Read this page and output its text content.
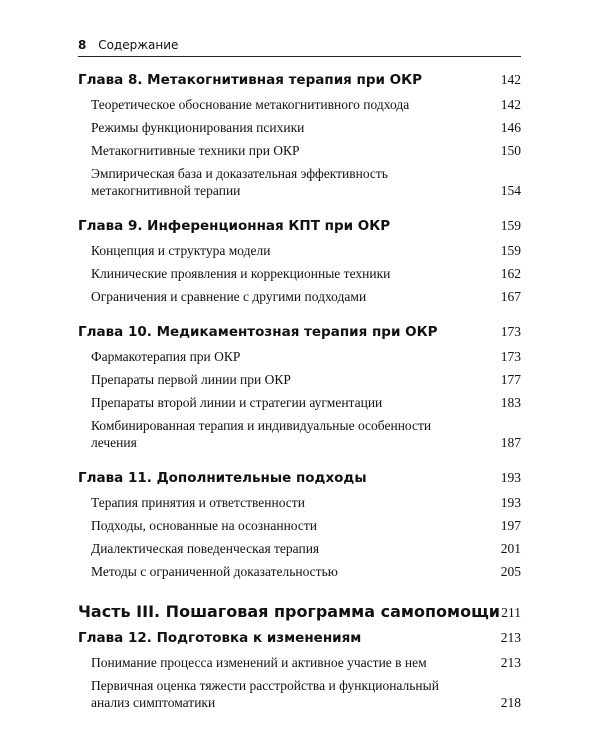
8 Содержание
Глава 8. Метакогнитивная терапия при ОКР	142
Теоретическое обоснование метакогнитивного подхода	142
Режимы функционирования психики	146
Метакогнитивные техники при ОКР	150
Эмпирическая база и доказательная эффективность метакогнитивной терапии	154
Глава 9. Инференционная КПТ при ОКР	159
Концепция и структура модели	159
Клинические проявления и коррекционные техники	162
Ограничения и сравнение с другими подходами	167
Глава 10. Медикаментозная терапия при ОКР	173
Фармакотерапия при ОКР	173
Препараты первой линии при ОКР	177
Препараты второй линии и стратегии аугментации	183
Комбинированная терапия и индивидуальные особенности лечения	187
Глава 11. Дополнительные подходы	193
Терапия принятия и ответственности	193
Подходы, основанные на осознанности	197
Диалектическая поведенческая терапия	201
Методы с ограниченной доказательностью	205
Часть III. Пошаговая программа самопомощи 211
Глава 12. Подготовка к изменениям	213
Понимание процесса изменений и активное участие в нем	213
Первичная оценка тяжести расстройства и функциональный анализ симптоматики	218
